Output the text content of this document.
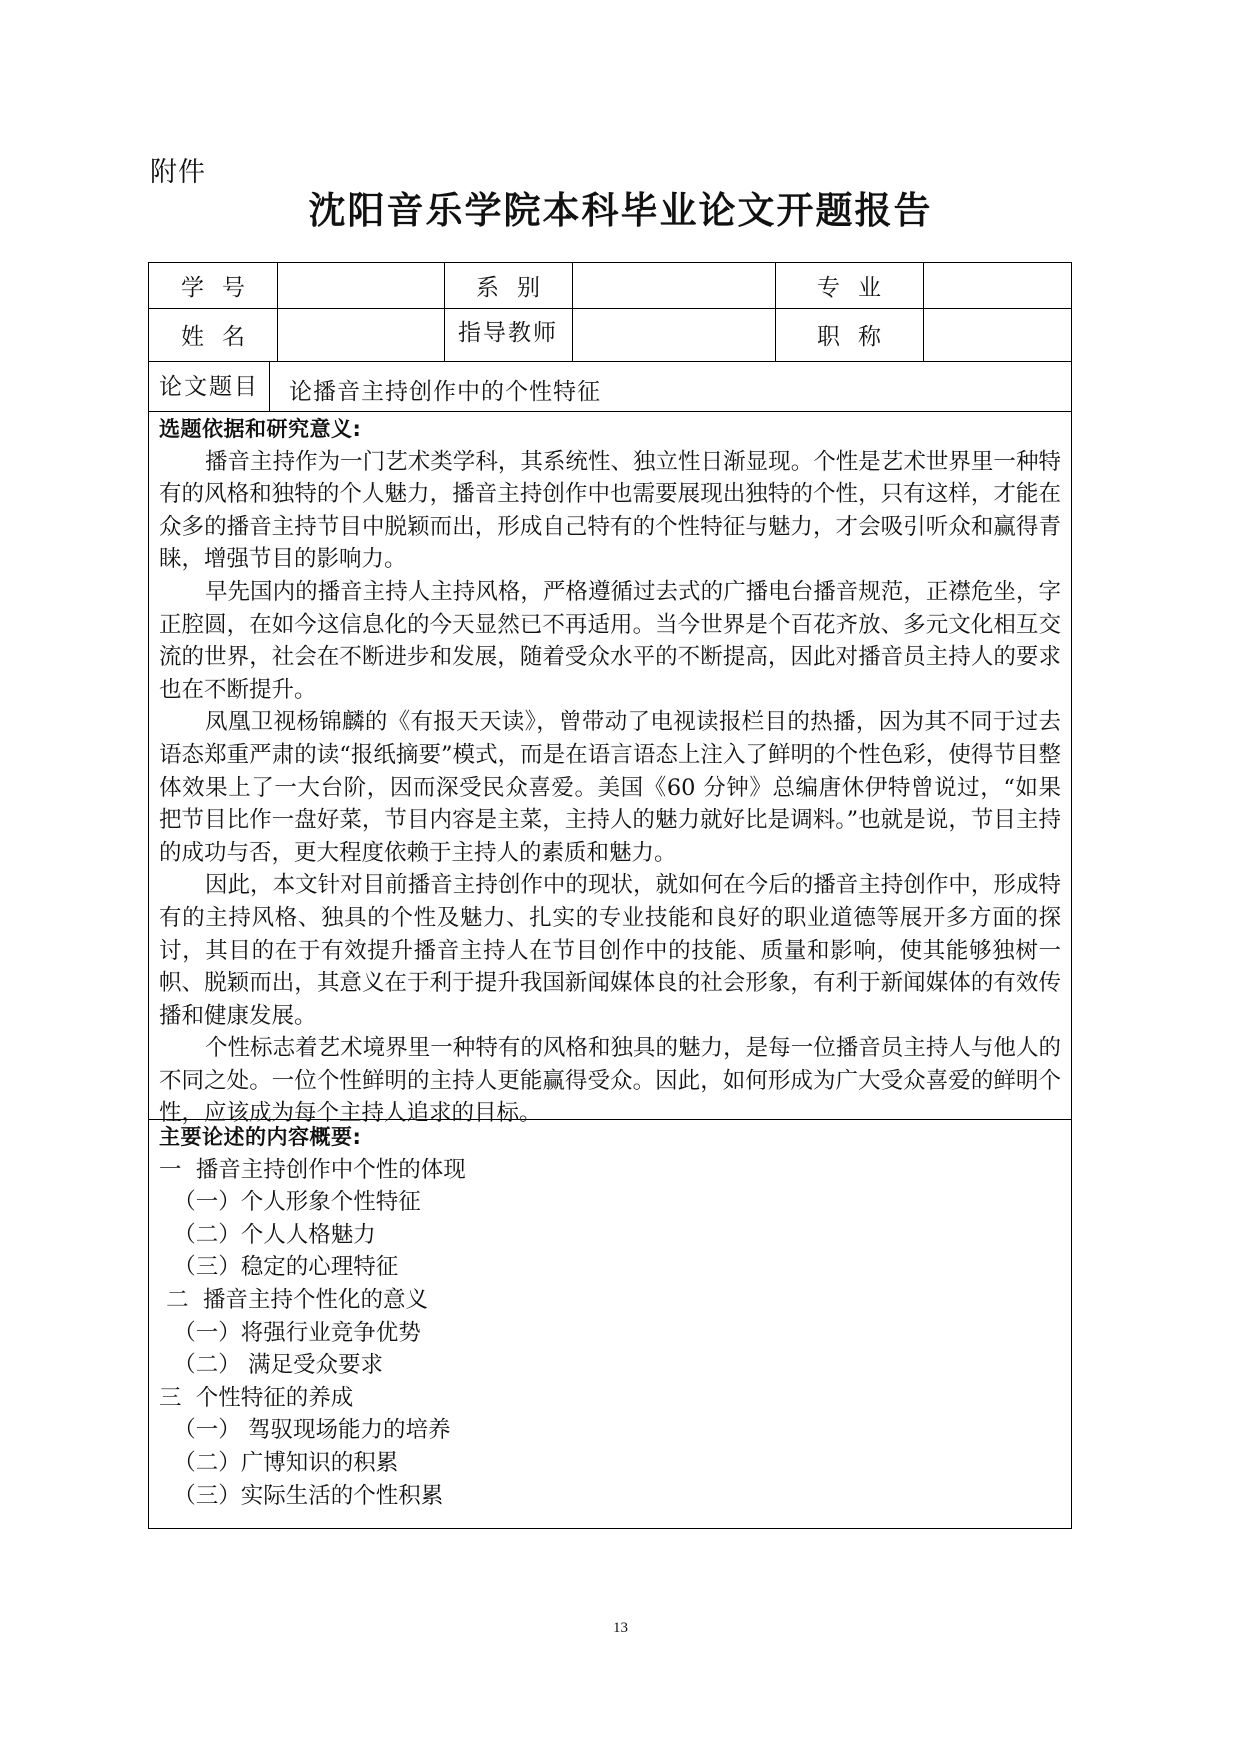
附件
沈阳音乐学院本科毕业论文开题报告
学号	系别	专业
姓名	指导教师	职称
论文题目	论播音主持创作中的个性特征
选题依据和研究意义:

播音主持作为一门艺术类学科，其系统性、独立性日渐显现。个性是艺术世界里一种特有的风格和独特的个人魅力，播音主持创作中也需要展现出独特的个性，只有这样，才能在众多的播音主持节目中脱颖而出，形成自己特有的个性特征与魅力，才会吸引听众和赢得青睐，增强节目的影响力。

早先国内的播音主持人主持风格，严格遵循过去式的广播电台播音规范，正襟危坐，字正腔圆，在如今这信息化的今天显然已不再适用。当今世界是个百花齐放、多元文化相互交流的世界，社会在不断进步和发展，随着受众水平的不断提高，因此对播音员主持人的要求也在不断提升。

凤凰卫视杨锦麟的《有报天天读》，曾带动了电视读报栏目的热播，因为其不同于过去语态郑重严肃的读“报纸摘要”模式，而是在语言语态上注入了鲜明的个性色彩，使得节目整体效果上了一大台阶，因而深受民众喜爱。美国《60 分钟》总编唐休伊特曾说过，“如果把节目比作一盘好菜，节目内容是主菜，主持人的魅力就好比是调料。”也就是说，节目主持的成功与否，更大程度依赖于主持人的素质和魅力。

因此，本文针对目前播音主持创作中的现状，就如何在今后的播音主持创作中，形成特有的主持风格、独具的个性及魅力、扎实的专业技能和良好的职业道德等展开多方面的探讨，其目的在于有效提升播音主持人在节目创作中的技能、质量和影响，使其能够独树一帜、脱颖而出，其意义在于利于提升我国新闻媒体良的社会形象，有利于新闻媒体的有效传播和健康发展。

个性标志着艺术境界里一种特有的风格和独具的魅力，是每一位播音员主持人与他人的不同之处。一位个性鲜明的主持人更能赢得受众。因此，如何形成为广大受众喜爱的鲜明个性，应该成为每个主持人追求的目标。

主要论述的内容概要:
一  播音主持创作中个性的体现
（一）个人形象个性特征
（二）个人人格魅力
（三）稳定的心理特征
二  播音主持个性化的意义
（一）将强行业竞争优势
（二） 满足受众要求
三  个性特征的养成
（一） 驾驭现场能力的培养
（二）广博知识的积累
（三）实际生活的个性积累
13
